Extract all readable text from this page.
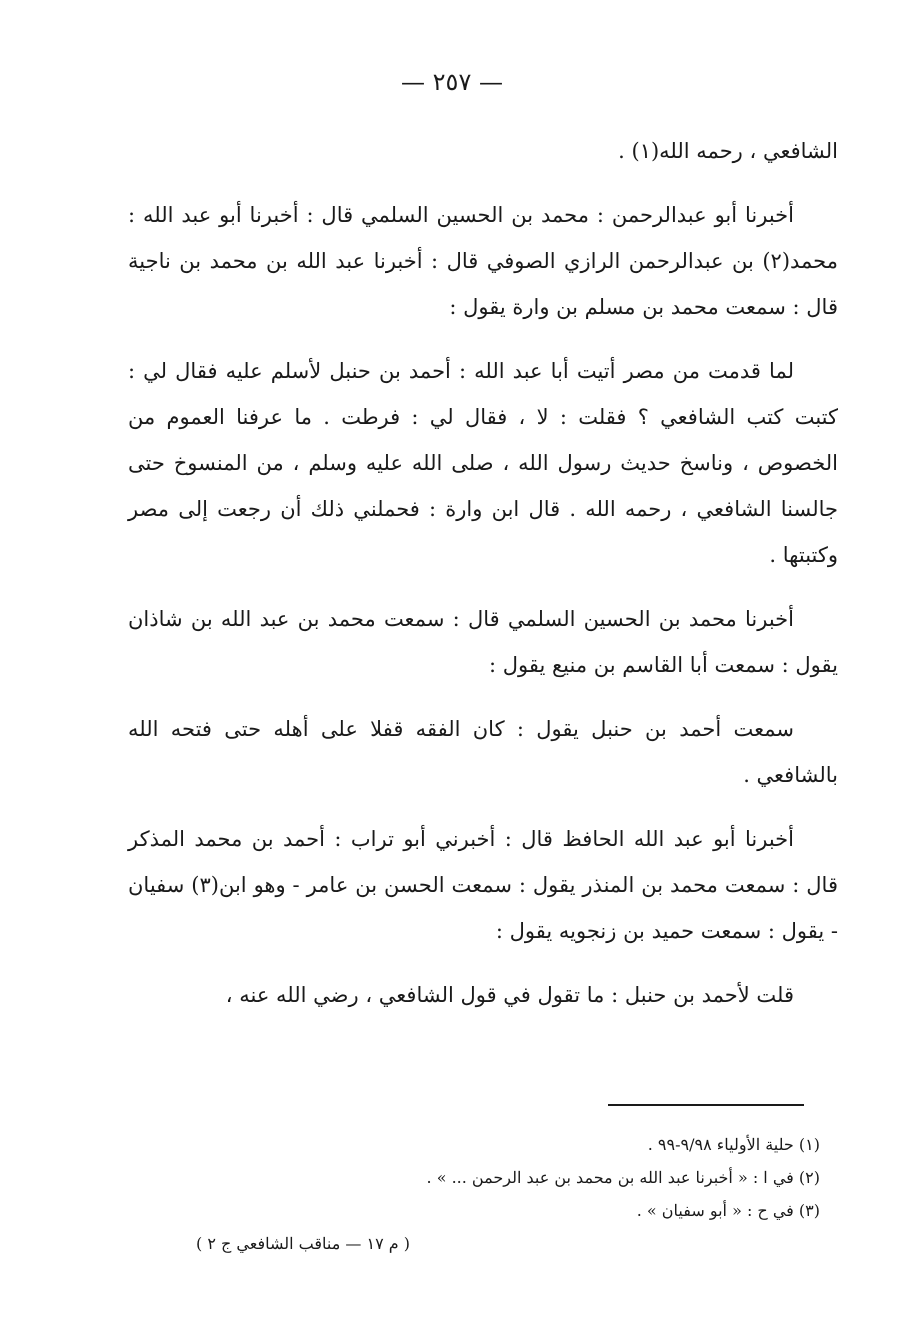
— ٢٥٧ —

الشافعي ، رحمه الله(١) .

أخبرنا أبو عبدالرحمن : محمد بن الحسين السلمي قال : أخبرنا أبو عبد الله : محمد(٢) بن عبدالرحمن الرازي الصوفي قال : أخبرنا عبد الله بن محمد بن ناجية قال : سمعت محمد بن مسلم بن وارة يقول :

لما قدمت من مصر أتيت أبا عبد الله : أحمد بن حنبل لأسلم عليه فقال لي : كتبت كتب الشافعي ؟ فقلت : لا ، فقال لي : فرطت . ما عرفنا العموم من الخصوص ، وناسخ حديث رسول الله ، صلى الله عليه وسلم ، من المنسوخ حتى جالسنا الشافعي ، رحمه الله . قال ابن وارة : فحملني ذلك أن رجعت إلى مصر وكتبتها .

أخبرنا محمد بن الحسين السلمي قال : سمعت محمد بن عبد الله بن شاذان يقول : سمعت أبا القاسم بن منيع يقول :

سمعت أحمد بن حنبل يقول : كان الفقه قفلا على أهله حتى فتحه الله بالشافعي .

أخبرنا أبو عبد الله الحافظ قال : أخبرني أبو تراب : أحمد بن محمد المذكر قال : سمعت محمد بن المنذر يقول : سمعت الحسن بن عامر - وهو ابن(٣) سفيان - يقول : سمعت حميد بن زنجويه يقول :

قلت لأحمد بن حنبل : ما تقول في قول الشافعي ، رضي الله عنه ،

(١) حلية الأولياء ٩/٩٨-٩٩ .

(٢) في ا : « أخبرنا عبد الله بن محمد بن عبد الرحمن ... » .

(٣) في ح : « أبو سفيان » .

( م ١٧ — مناقب الشافعي ج ٢ )
